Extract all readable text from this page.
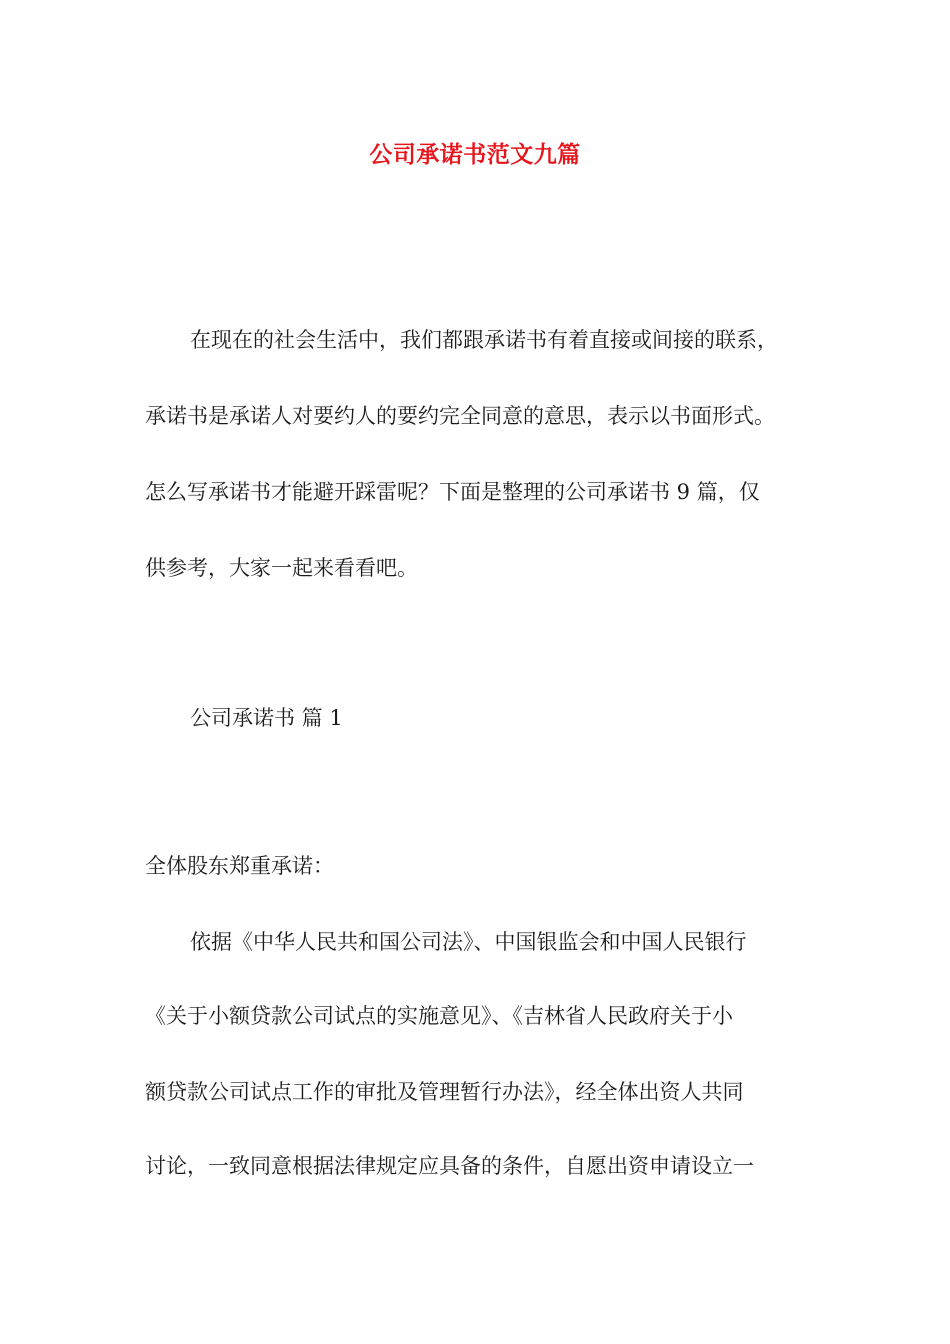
公司承诺书范文九篇

在现在的社会生活中，我们都跟承诺书有着直接或间接的联系，

承诺书是承诺人对要约人的要约完全同意的意思，表示以书面形式。

怎么写承诺书才能避开踩雷呢？下面是整理的公司承诺书 9 篇，仅

供参考，大家一起来看看吧。

公司承诺书 篇 1

全体股东郑重承诺：

依据《中华人民共和国公司法》、中国银监会和中国人民银行

《关于小额贷款公司试点的实施意见》、《吉林省人民政府关于小

额贷款公司试点工作的审批及管理暂行办法》，经全体出资人共同

讨论，一致同意根据法律规定应具备的条件，自愿出资申请设立一
